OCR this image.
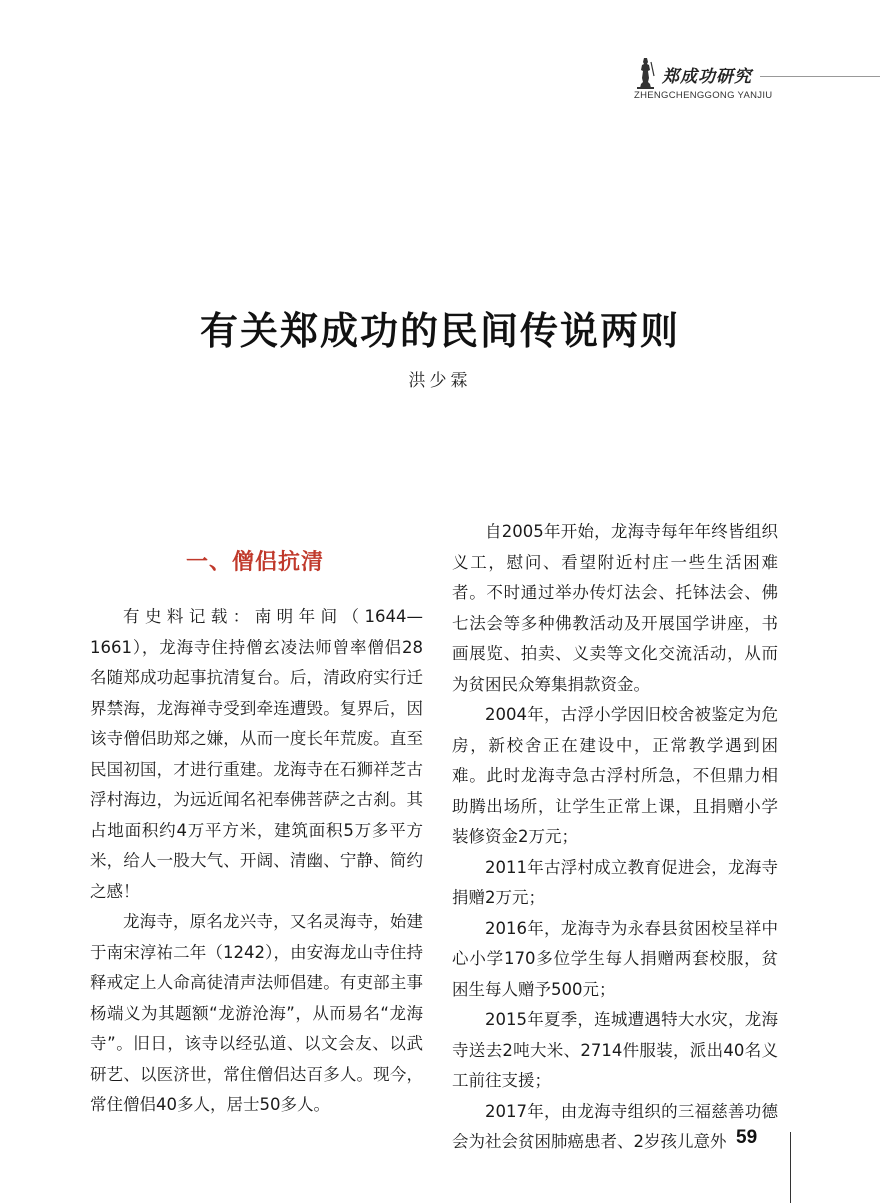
郑成功研究
ZHENGCHENGGONG YANJIU
有关郑成功的民间传说两则
洪少霖
一、僧侣抗清

有史料记载：南明年间（1644—1661），龙海寺住持僧玄凌法师曾率僧侣28名随郑成功起事抗清复台。后，清政府实行迁界禁海，龙海禅寺受到牵连遭毁。复界后，因该寺僧侣助郑之嫌，从而一度长年荒废。直至民国初国，才进行重建。龙海寺在石狮祥芝古浮村海边，为远近闻名祀奉佛菩萨之古刹。其占地面积约4万平方米，建筑面积5万多平方米，给人一股大气、开阔、清幽、宁静、简约之感！

龙海寺，原名龙兴寺，又名灵海寺，始建于南宋淳祐二年（1242），由安海龙山寺住持释戒定上人命高徒清声法师倡建。有吏部主事杨端义为其题额“龙游沧海”，从而易名“龙海寺”。旧日，该寺以经弘道、以文会友、以武研艺、以医济世，常住僧侣达百多人。现今，常住僧侣40多人，居士50多人。

自2005年开始，龙海寺每年年终皆组织义工，慰问、看望附近村庄一些生活困难者。不时通过举办传灯法会、托钵法会、佛七法会等多种佛教活动及开展国学讲座，书画展览、拍卖、义卖等文化交流活动，从而为贫困民众筹集捐款资金。

2004年，古浮小学因旧校舍被鉴定为危房，新校舍正在建设中，正常教学遇到困难。此时龙海寺急古浮村所急，不但鼎力相助腾出场所，让学生正常上课，且捐赠小学装修资金2万元；

2011年古浮村成立教育促进会，龙海寺捐赠2万元；

2016年，龙海寺为永春县贫困校呈祥中心小学170多位学生每人捐赠两套校服，贫困生每人赠予500元；

2015年夏季，连城遭遇特大水灾，龙海寺送去2吨大米、2714件服装，派出40名义工前往支援；

2017年，由龙海寺组织的三福慈善功德会为社会贫困肺癌患者、2岁孩儿意外 59
